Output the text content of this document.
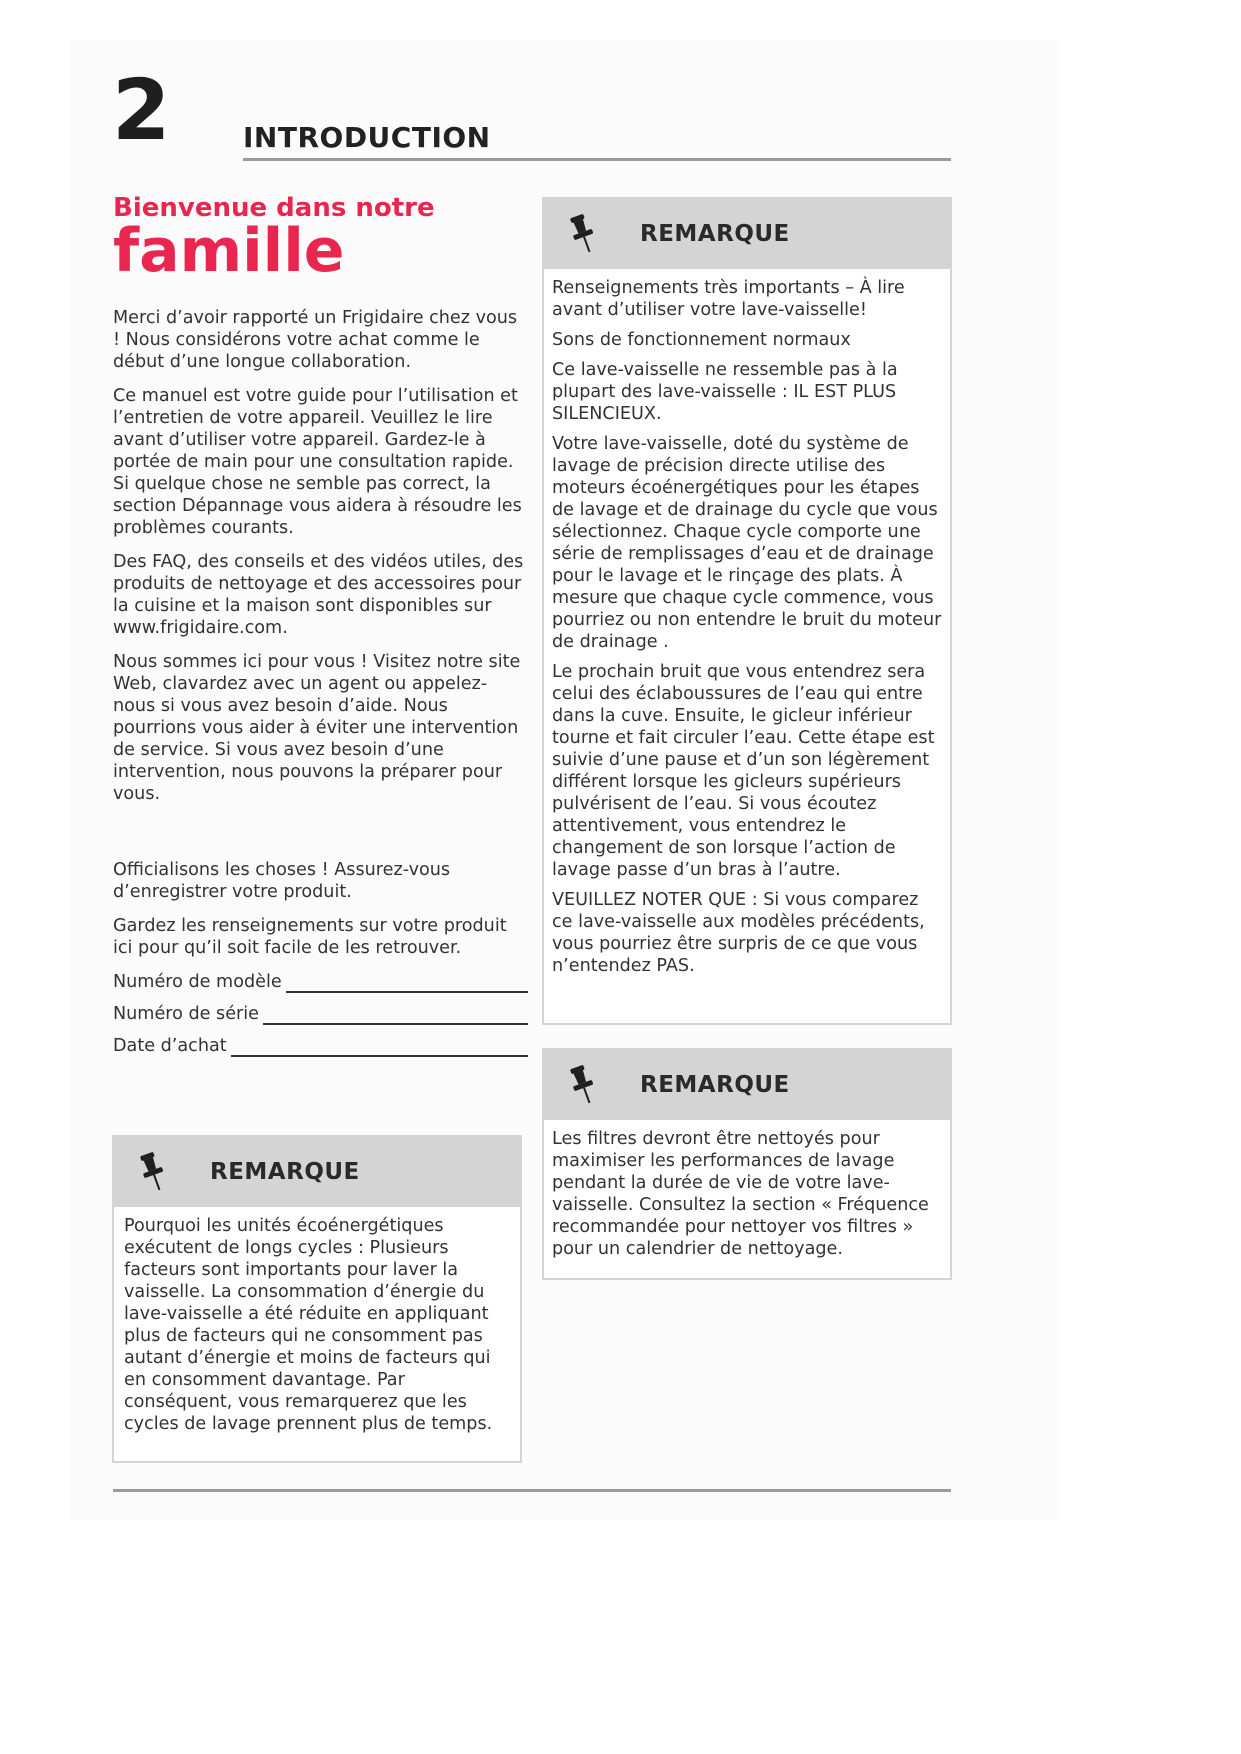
2	INTRODUCTION
Bienvenue dans notre
famille

Merci d’avoir rapporté un Frigidaire chez vous ! Nous considérons votre achat comme le début d’une longue collaboration.

Ce manuel est votre guide pour l’utilisation et l’entretien de votre appareil. Veuillez le lire avant d’utiliser votre appareil. Gardez-le à portée de main pour une consultation rapide. Si quelque chose ne semble pas correct, la section Dépannage vous aidera à résoudre les problèmes courants.

Des FAQ, des conseils et des vidéos utiles, des produits de nettoyage et des accessoires pour la cuisine et la maison sont disponibles sur www.frigidaire.com.

Nous sommes ici pour vous ! Visitez notre site Web, clavardez avec un agent ou appelez-nous si vous avez besoin d’aide. Nous pourrions vous aider à éviter une intervention de service. Si vous avez besoin d’une intervention, nous pouvons la préparer pour vous.

Officialisons les choses ! Assurez-vous d’enregistrer votre produit.

Gardez les renseignements sur votre produit ici pour qu’il soit facile de les retrouver.

Numéro de modèle
Numéro de série
Date d’achat
REMARQUE

Pourquoi les unités écoénergétiques exécutent de longs cycles : Plusieurs facteurs sont importants pour laver la vaisselle. La consommation d’énergie du lave-vaisselle a été réduite en appliquant plus de facteurs qui ne consomment pas autant d’énergie et moins de facteurs qui en consomment davantage. Par conséquent, vous remarquerez que les cycles de lavage prennent plus de temps.

REMARQUE

Renseignements très importants – À lire avant d’utiliser votre lave-vaisselle!

Sons de fonctionnement normaux

Ce lave-vaisselle ne ressemble pas à la plupart des lave-vaisselle : IL EST PLUS SILENCIEUX.

Votre lave-vaisselle, doté du système de lavage de précision directe utilise des moteurs écoénergétiques pour les étapes de lavage et de drainage du cycle que vous sélectionnez. Chaque cycle comporte une série de remplissages d’eau et de drainage pour le lavage et le rinçage des plats. À mesure que chaque cycle commence, vous pourriez ou non entendre le bruit du moteur de drainage .

Le prochain bruit que vous entendrez sera celui des éclaboussures de l’eau qui entre dans la cuve. Ensuite, le gicleur inférieur tourne et fait circuler l’eau. Cette étape est suivie d’une pause et d’un son légèrement différent lorsque les gicleurs supérieurs pulvérisent de l’eau. Si vous écoutez attentivement, vous entendrez le changement de son lorsque l’action de lavage passe d’un bras à l’autre.

VEUILLEZ NOTER QUE : Si vous comparez ce lave-vaisselle aux modèles précédents, vous pourriez être surpris de ce que vous n’entendez PAS.

REMARQUE

Les filtres devront être nettoyés pour maximiser les performances de lavage pendant la durée de vie de votre lave-vaisselle. Consultez la section « Fréquence recommandée pour nettoyer vos filtres » pour un calendrier de nettoyage.
